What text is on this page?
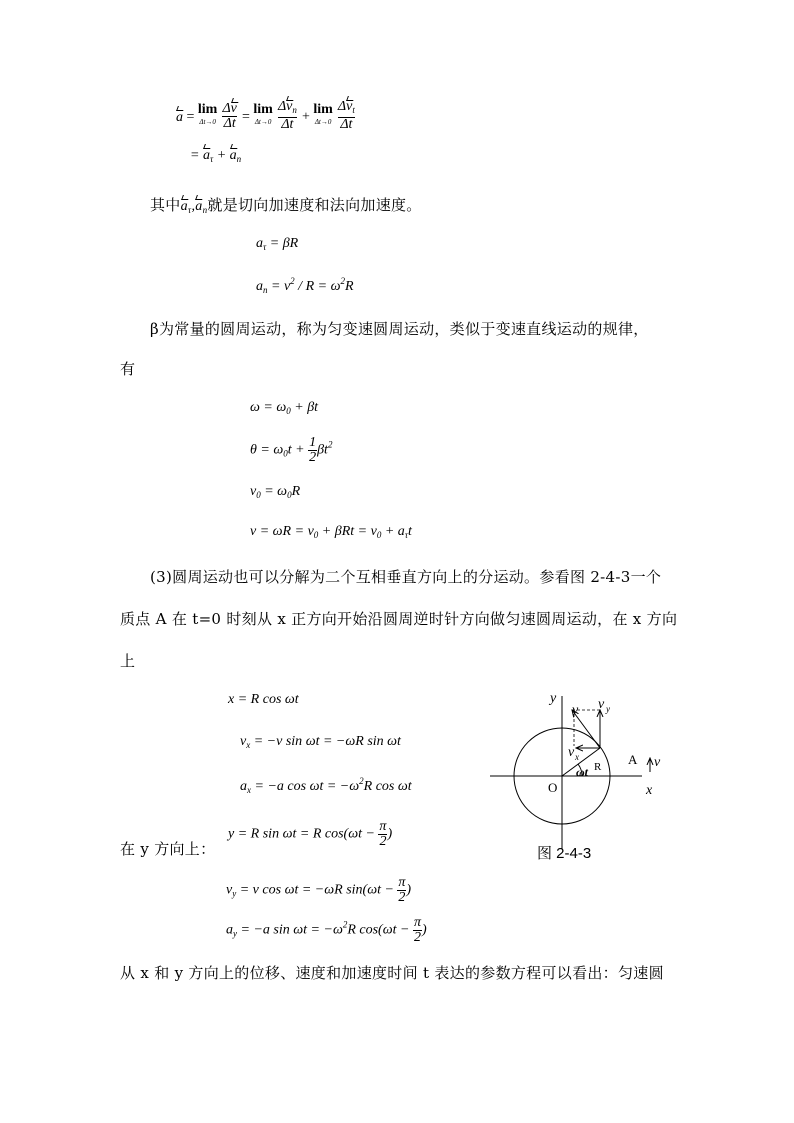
a = lim
Δt→0
$\frac{\Delta v}{\Delta t} = \lim$
Δt→0
$\frac{\Delta v_n}{\Delta t} + \lim$
Δt→0
$\frac{\Delta v_t}{\Delta t}$
= $a_\tau + a_n$
其中$a_\tau,a_n$就是切向加速度和法向加速度。
$a_\tau = \beta R$
$a_n = v^2 / R = \omega^2R$
β为常量的圆周运动，称为匀变速圆周运动，类似于变速直线运动的规律，
有
$\omega = \omega_0 + \beta t$
$\theta = \omega_0t + \frac{1}{2} \beta t^2$
$v_0 = \omega_0R$
$v = \omega R = v_0 + \beta Rt = v_0 + a_\tau t$
(3)圆周运动也可以分解为二个互相垂直方向上的分运动。参看图 2-4-3一个
质点 A 在 t=0 时刻从 x 正方向开始沿圆周逆时针方向做匀速圆周运动，在 x 方向
上
x = R cos ωt
$v_x = -v$ sin ωt = −ωR sin ωt
$a_x = -a$ $\cos \omega t = -\omega^2R$ cos ωt
在 y 方向上：
y = R sin ωt = R $\cos(\omega t - \frac{\pi}{2}$ )
$v_y = v$ cos ωt = −ωR $\sin(\omega t - \frac{\pi}{2}$ )
$a_y = -a$ $\sin \omega t = -\omega^2R$ $\cos(\omega t - \frac{\pi}{2}$ )
从 x 和 y 方向上的位移、速度和加速度时间 t 表达的参数方程可以看出：匀速圆
y
x
O
A v
R
ωt
v v y
v x
图 2-4-3
